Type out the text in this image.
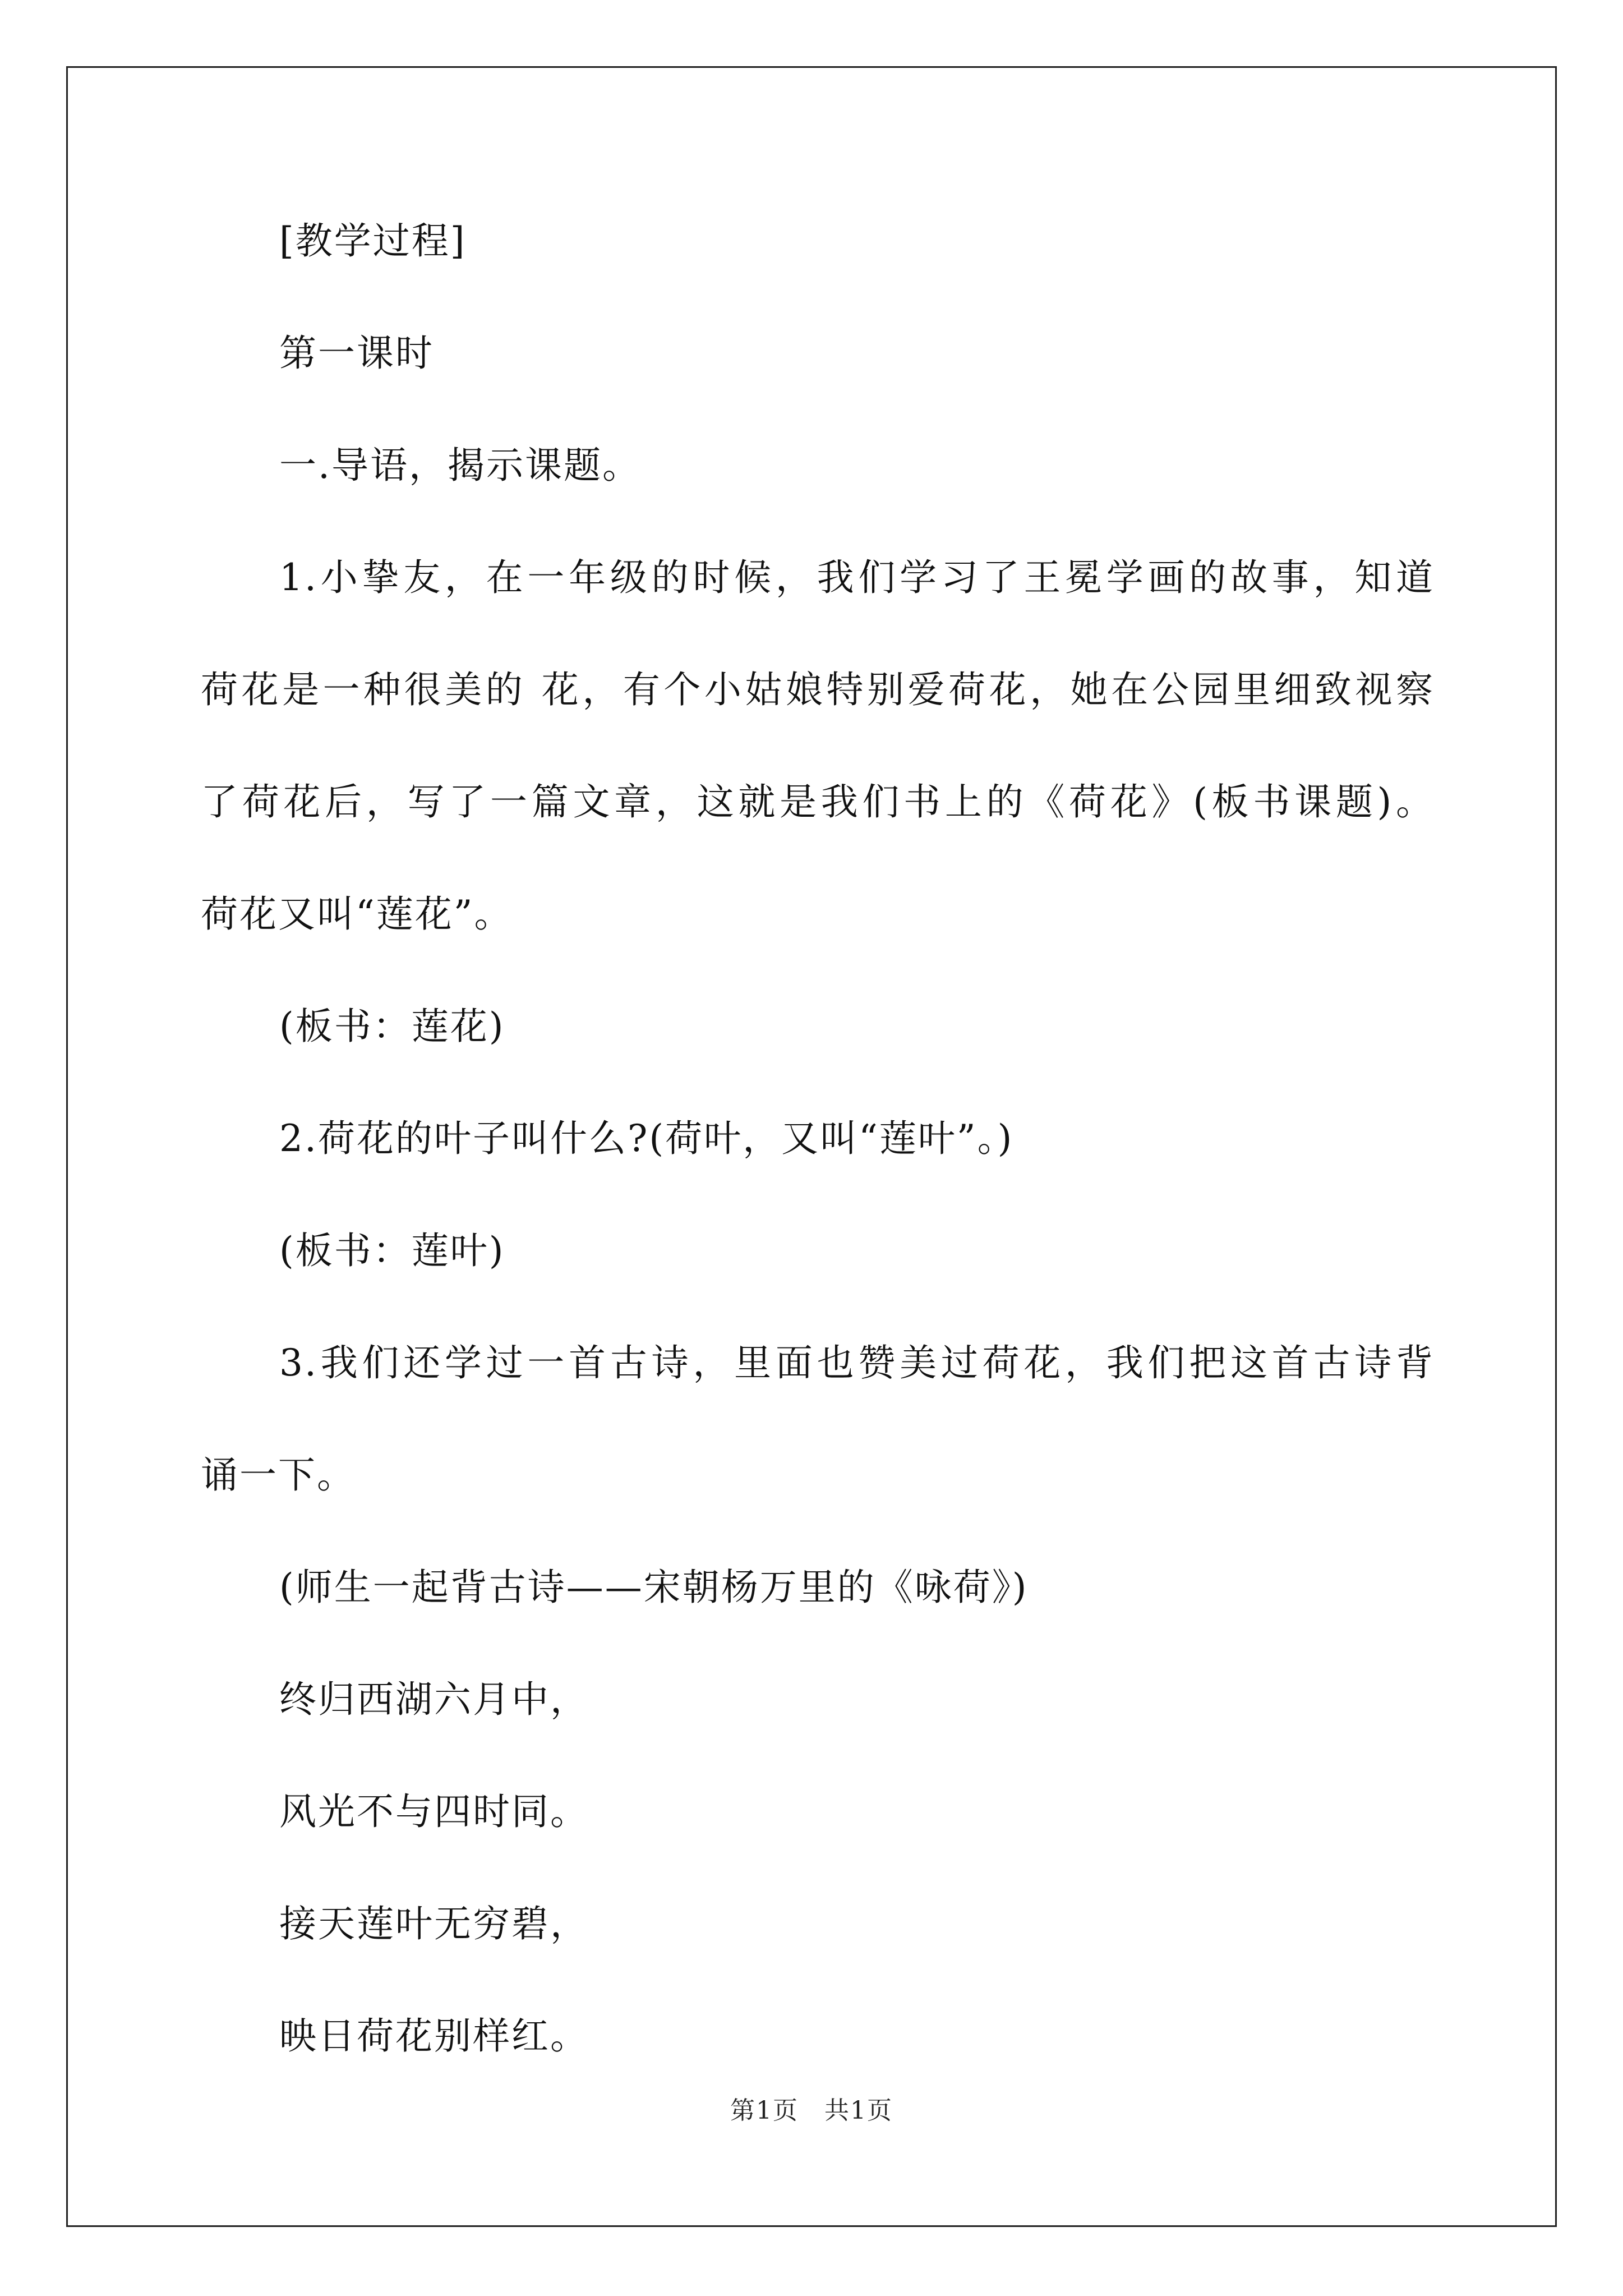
[教学过程]
第一课时
一.导语，揭示课题。
1.小挚友，在一年级的时候，我们学习了王冕学画的故事，知道
荷花是一种很美的 花，有个小姑娘特别爱荷花，她在公园里细致视察
了荷花后，写了一篇文章，这就是我们书上的《荷花》(板书课题)。
荷花又叫“莲花”。
(板书：莲花)
2.荷花的叶子叫什么?(荷叶，又叫“莲叶”。)
(板书：莲叶)
3.我们还学过一首古诗，里面也赞美过荷花，我们把这首古诗背
诵一下。
(师生一起背古诗——宋朝杨万里的《咏荷》)
终归西湖六月中，
风光不与四时同。
接天莲叶无穷碧，
映日荷花别样红。
第1页　共1页
